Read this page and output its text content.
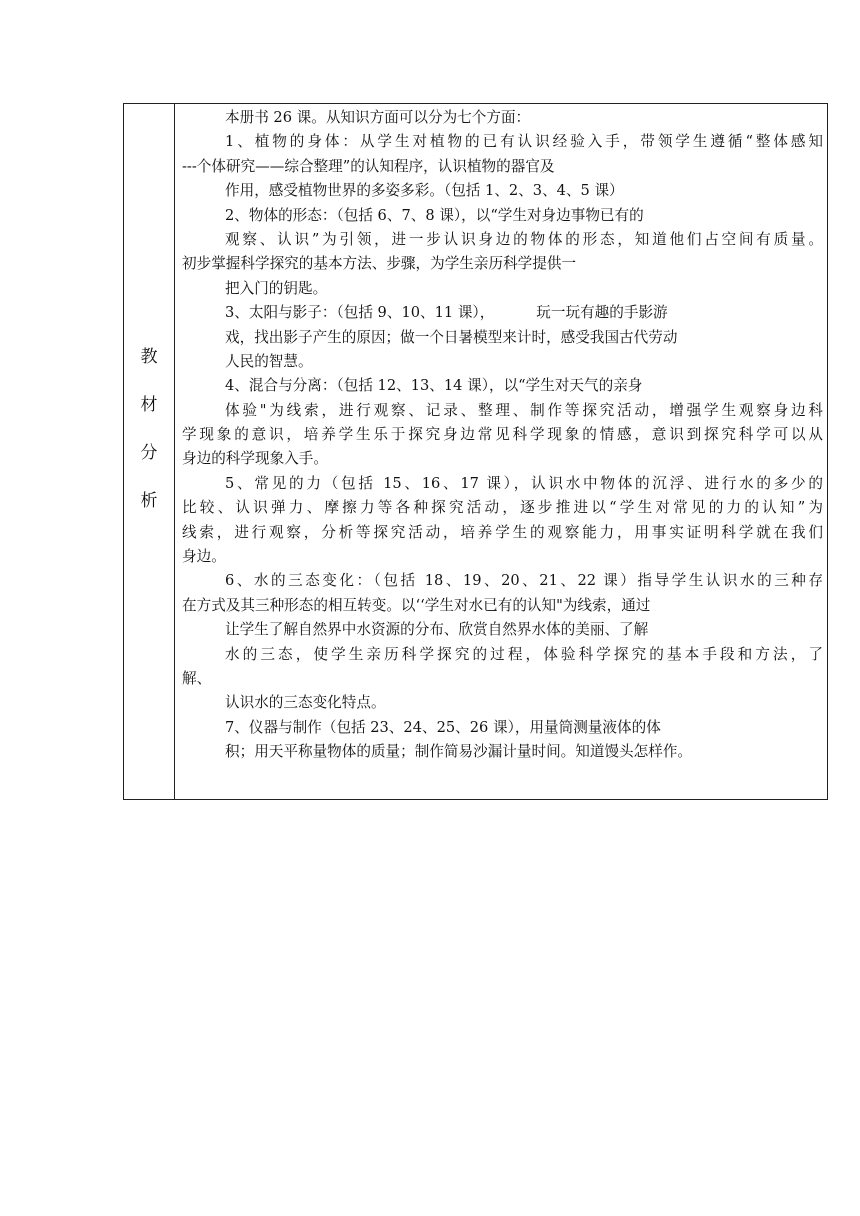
教
材
分
析
本册书 26 课。从知识方面可以分为七个方面：
1、植物的身体：从学生对植物的已有认识经验入手，带领学生遵循“整体感知
---个体研究——综合整理”的认知程序，认识植物的器官及
作用，感受植物世界的多姿多彩。（包括 1、2、3、4、5 课）
2、物体的形态：（包括 6、7、8 课），以“学生对身边事物已有的
观察、认识”为引领，进一步认识身边的物体的形态，知道他们占空间有质量。
初步掌握科学探究的基本方法、步骤，为学生亲历科学提供一
把入门的钥匙。
3、太阳与影子：（包括 9、10、11 课），	玩一玩有趣的手影游
戏，找出影子产生的原因；做一个日暑模型来计时，感受我国古代劳动
人民的智慧。
4、混合与分离：（包括 12、13、14 课），以“学生对天气的亲身
体验"为线索，进行观察、记录、整理、制作等探究活动，增强学生观察身边科
学现象的意识，培养学生乐于探究身边常见科学现象的情感，意识到探究科学可以从
身边的科学现象入手。
5、常见的力（包括 15、16、17 课），认识水中物体的沉浮、进行水的多少的
比较、认识弹力、摩擦力等各种探究活动，逐步推进以“学生对常见的力的认知”为
线索，进行观察，分析等探究活动，培养学生的观察能力，用事实证明科学就在我们
身边。
6、水的三态变化：（包括 18、19、20、21、22 课）指导学生认识水的三种存
在方式及其三种形态的相互转变。以‘‘学生对水已有的认知"为线索，通过
让学生了解自然界中水资源的分布、欣赏自然界水体的美丽、了解
水的三态，使学生亲历科学探究的过程，体验科学探究的基本手段和方法，了
解、
认识水的三态变化特点。
7、仪器与制作（包括 23、24、25、26 课），用量筒测量液体的体
积；用天平称量物体的质量；制作简易沙漏计量时间。知道馒头怎样作。
